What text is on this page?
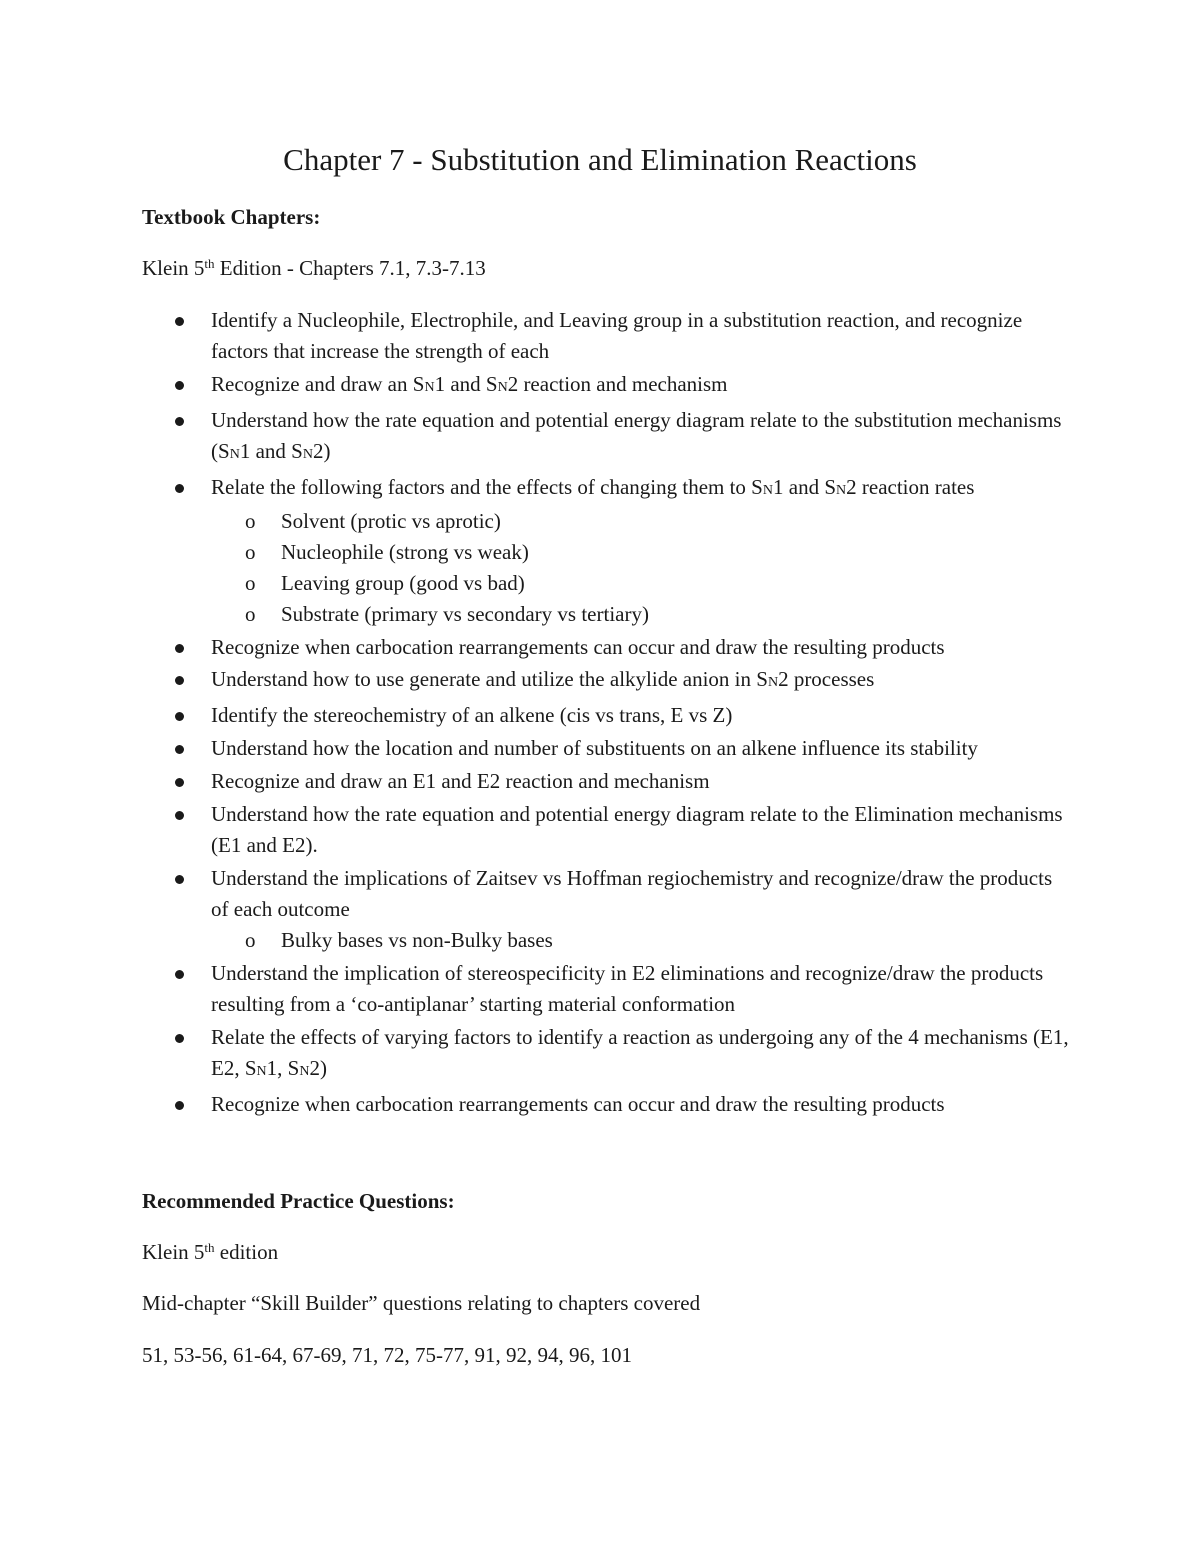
Chapter 7 - Substitution and Elimination Reactions

Textbook Chapters:

Klein 5th Edition - Chapters 7.1, 7.3-7.13

Identify a Nucleophile, Electrophile, and Leaving group in a substitution reaction, and recognize factors that increase the strength of each
Recognize and draw an SN1 and SN2 reaction and mechanism
Understand how the rate equation and potential energy diagram relate to the substitution mechanisms (SN1 and SN2)
Relate the following factors and the effects of changing them to SN1 and SN2 reaction rates
o Solvent (protic vs aprotic)
o Nucleophile (strong vs weak)
o Leaving group (good vs bad)
o Substrate (primary vs secondary vs tertiary)
Recognize when carbocation rearrangements can occur and draw the resulting products
Understand how to use generate and utilize the alkylide anion in SN2 processes
Identify the stereochemistry of an alkene (cis vs trans, E vs Z)
Understand how the location and number of substituents on an alkene influence its stability
Recognize and draw an E1 and E2 reaction and mechanism
Understand how the rate equation and potential energy diagram relate to the Elimination mechanisms (E1 and E2).
Understand the implications of Zaitsev vs Hoffman regiochemistry and recognize/draw the products of each outcome
o Bulky bases vs non-Bulky bases
Understand the implication of stereospecificity in E2 eliminations and recognize/draw the products resulting from a ‘co-antiplanar’ starting material conformation
Relate the effects of varying factors to identify a reaction as undergoing any of the 4 mechanisms (E1, E2, SN1, SN2)
Recognize when carbocation rearrangements can occur and draw the resulting products

Recommended Practice Questions:

Klein 5th edition

Mid-chapter “Skill Builder” questions relating to chapters covered

51, 53-56, 61-64, 67-69, 71, 72, 75-77, 91, 92, 94, 96, 101
